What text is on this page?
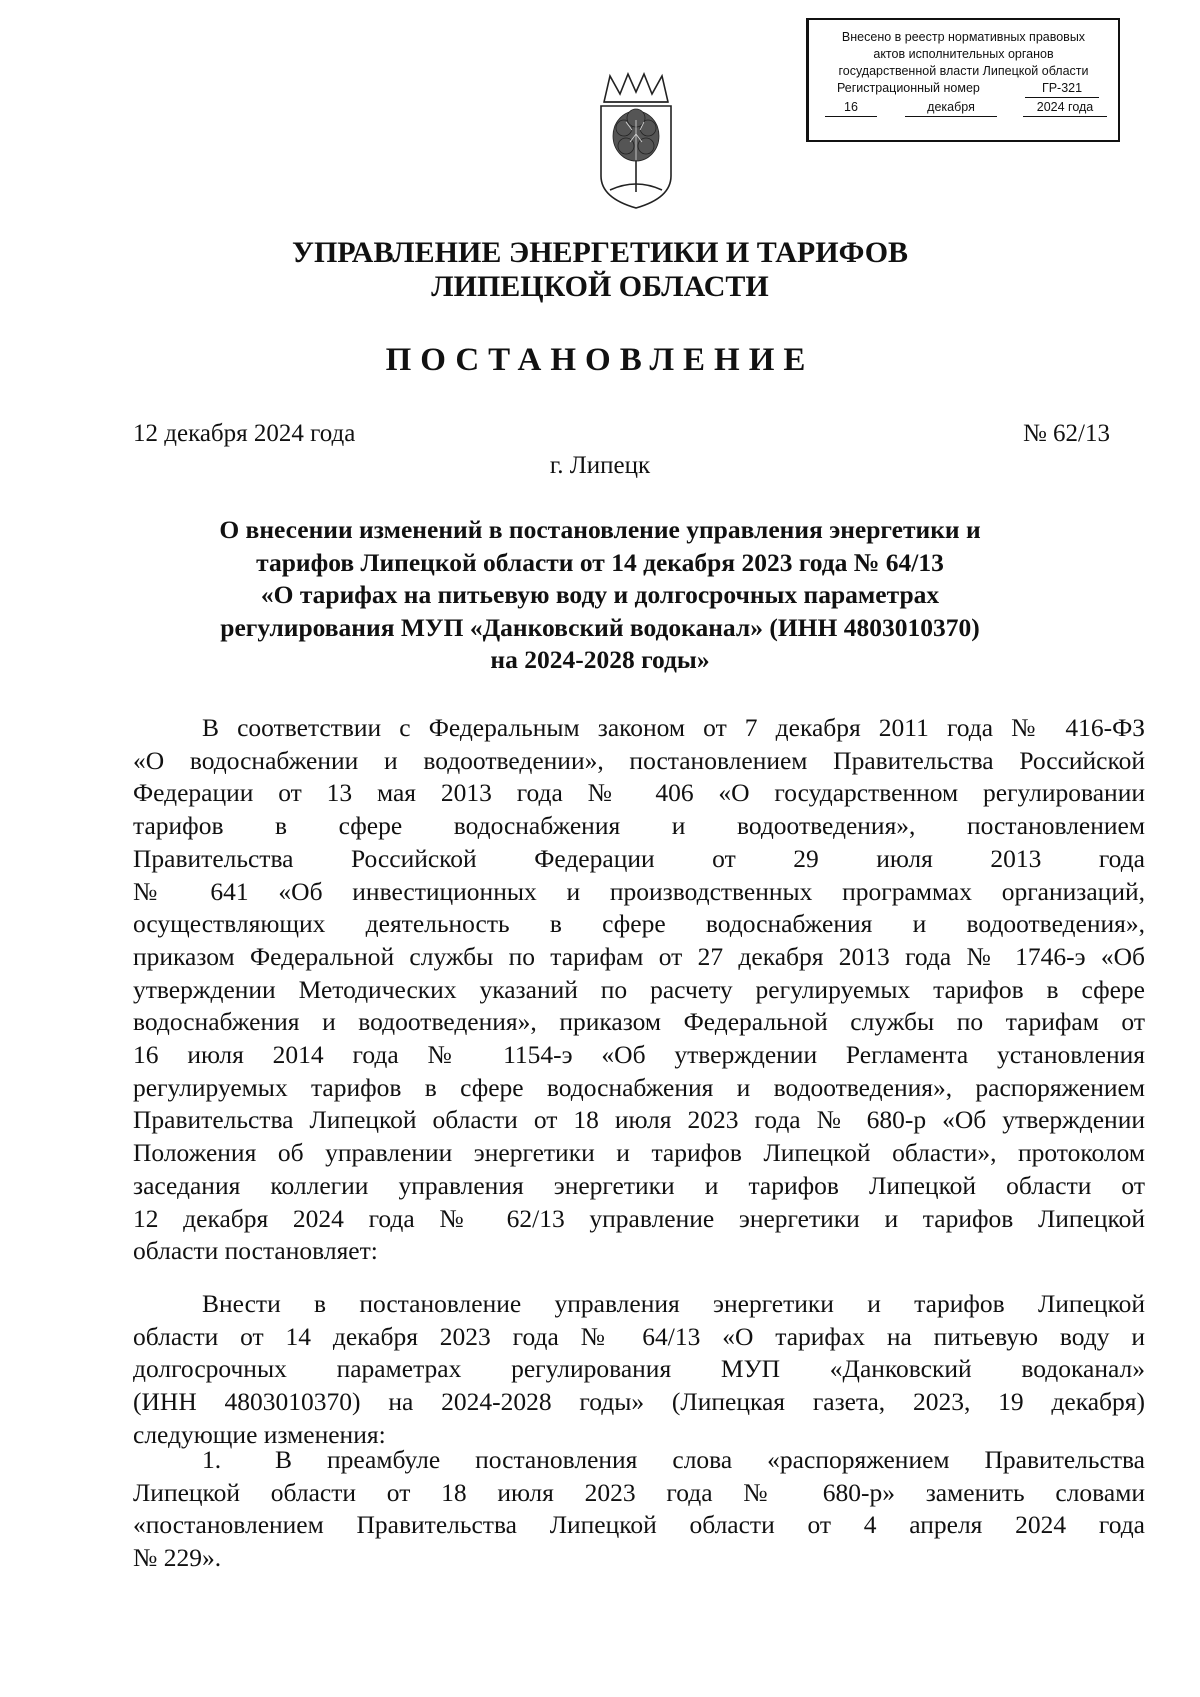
Внесено в реестр нормативных правовых
актов исполнительных органов
государственной власти Липецкой области
Регистрационный номер	ГР-321
16	декабря	2024 года
УПРАВЛЕНИЕ ЭНЕРГЕТИКИ И ТАРИФОВ
ЛИПЕЦКОЙ ОБЛАСТИ
ПОСТАНОВЛЕНИЕ
12 декабря 2024 года	№ 62/13
г. Липецк
О внесении изменений в постановление управления энергетики и
тарифов Липецкой области от 14 декабря 2023 года № 64/13
«О тарифах на питьевую воду и долгосрочных параметрах
регулирования МУП «Данковский водоканал» (ИНН 4803010370)
на 2024-2028 годы»
В соответствии с Федеральным законом от 7 декабря 2011 года № 416-ФЗ
«О водоснабжении и водоотведении», постановлением Правительства Российской
Федерации от 13 мая 2013 года № 406 «О государственном регулировании
тарифов в сфере водоснабжения и водоотведения», постановлением
Правительства Российской Федерации от 29 июля 2013 года
№ 641 «Об инвестиционных и производственных программах организаций,
осуществляющих деятельность в сфере водоснабжения и водоотведения»,
приказом Федеральной службы по тарифам от 27 декабря 2013 года № 1746-э «Об
утверждении Методических указаний по расчету регулируемых тарифов в сфере
водоснабжения и водоотведения», приказом Федеральной службы по тарифам от
16 июля 2014 года № 1154-э «Об утверждении Регламента установления
регулируемых тарифов в сфере водоснабжения и водоотведения», распоряжением
Правительства Липецкой области от 18 июля 2023 года № 680-р «Об утверждении
Положения об управлении энергетики и тарифов Липецкой области», протоколом
заседания коллегии управления энергетики и тарифов Липецкой области от
12 декабря 2024 года № 62/13 управление энергетики и тарифов Липецкой
области постановляет:
Внести в постановление управления энергетики и тарифов Липецкой
области от 14 декабря 2023 года № 64/13 «О тарифах на питьевую воду и
долгосрочных параметрах регулирования МУП «Данковский водоканал»
(ИНН 4803010370) на 2024-2028 годы» (Липецкая газета, 2023, 19 декабря)
следующие изменения:
1. В преамбуле постановления слова «распоряжением Правительства
Липецкой области от 18 июля 2023 года № 680-р» заменить словами
«постановлением Правительства Липецкой области от 4 апреля 2024 года
№ 229».
